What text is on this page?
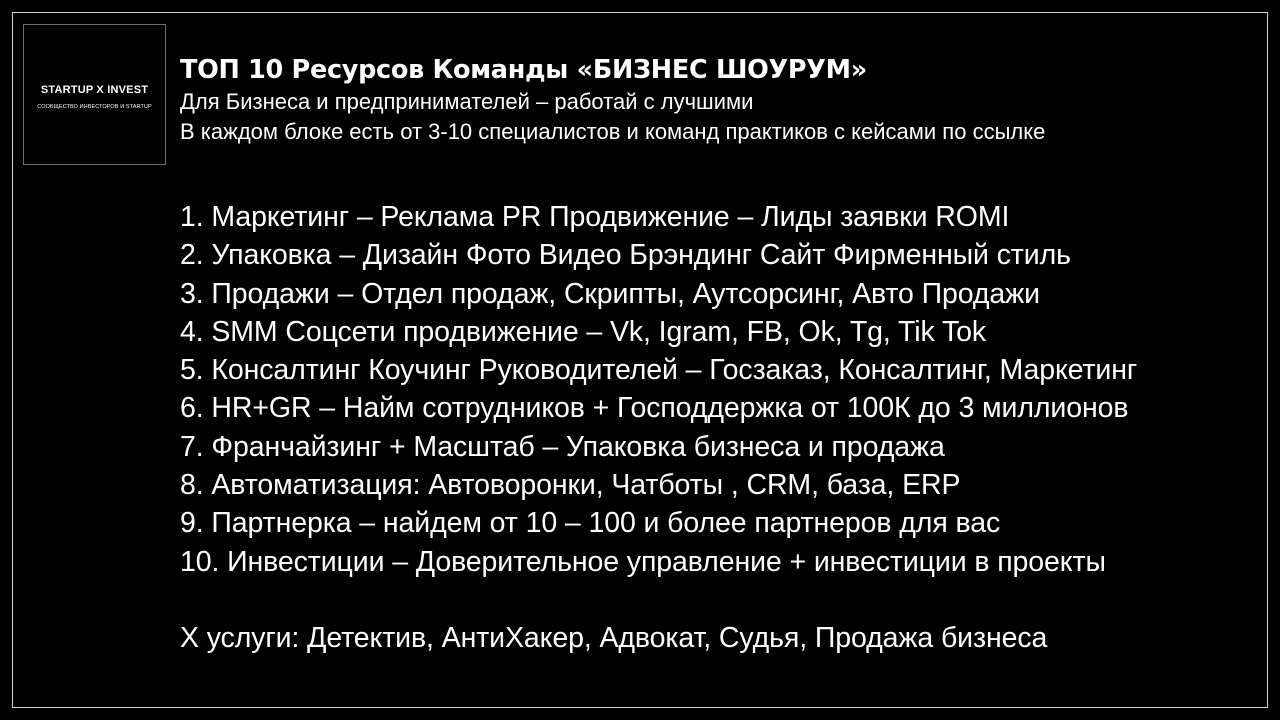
STARTUP X INVEST
СООБЩЕСТВО ИНВЕСТОРОВ И STARTUP
ТОП 10 Ресурсов Команды «БИЗНЕС ШОУРУМ»
Для Бизнеса и предпринимателей – работай с лучшими
В каждом блоке есть от 3-10 специалистов и команд практиков с кейсами по ссылке
1. Маркетинг – Реклама PR Продвижение – Лиды заявки ROMI
2. Упаковка – Дизайн Фото Видео Брэндинг Сайт Фирменный стиль
3. Продажи – Отдел продаж, Скрипты, Аутсорсинг, Авто Продажи
4. SMM Соцсети продвижение – Vk, Igram, FB, Ok, Tg, Tik Tok
5. Консалтинг Коучинг Руководителей – Госзаказ, Консалтинг, Маркетинг
6. HR+GR – Найм сотрудников + Господдержка от 100К до 3 миллионов
7. Франчайзинг + Масштаб – Упаковка бизнеса и продажа
8. Автоматизация: Автоворонки, Чатботы , CRM, база, ERP
9. Партнерка – найдем от 10 – 100 и более партнеров для вас
10. Инвестиции – Доверительное управление + инвестиции в проекты
Х услуги: Детектив, АнтиХакер, Адвокат, Судья, Продажа бизнеса
